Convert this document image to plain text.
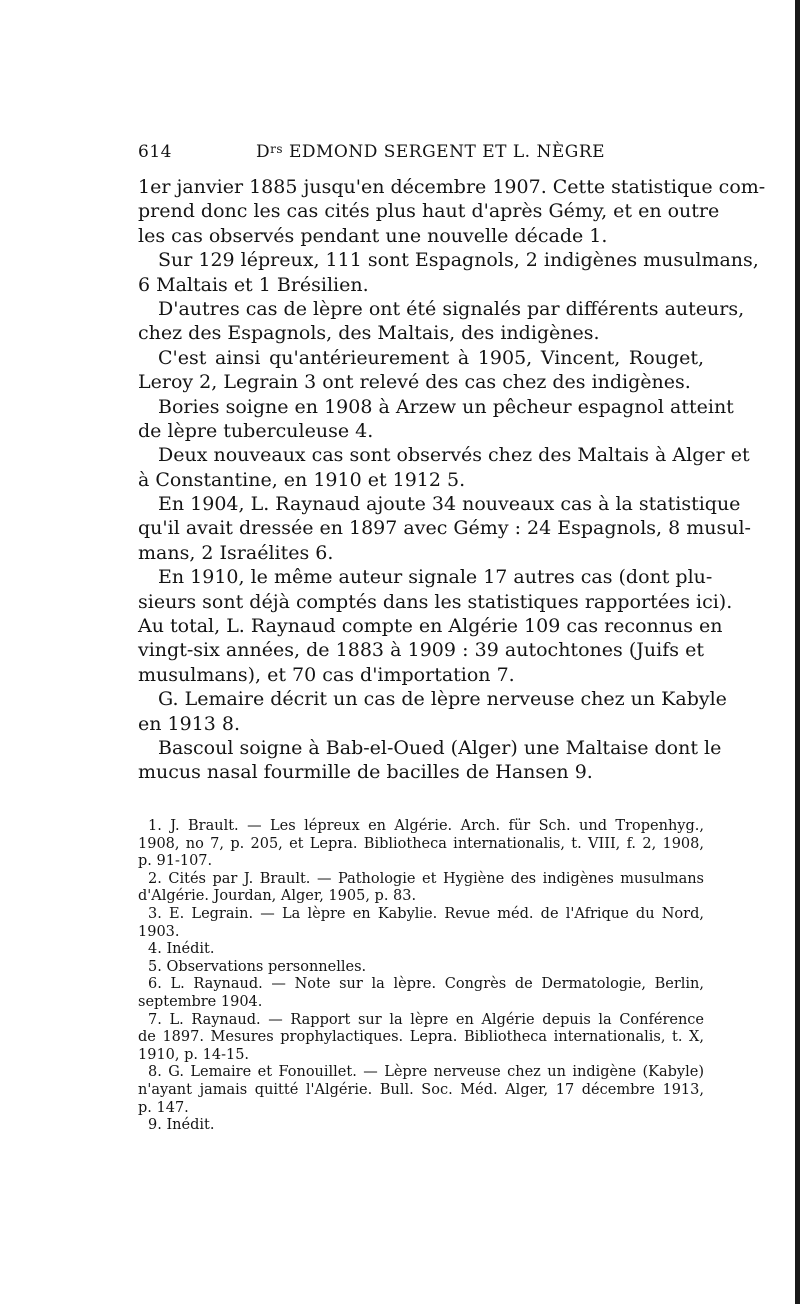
614	$D^{rs}$ EDMOND SERGENT ET L. NÈGRE
1er janvier 1885 jusqu'en décembre 1907. Cette statistique com-
prend donc les cas cités plus haut d'après Gémy, et en outre
les cas observés pendant une nouvelle décade 1.
Sur 129 lépreux, 111 sont Espagnols, 2 indigènes musulmans,
6 Maltais et 1 Brésilien.
D'autres cas de lèpre ont été signalés par différents auteurs,
chez des Espagnols, des Maltais, des indigènes.
C'est ainsi qu'antérieurement à 1905, Vincent, Rouget,
Leroy 2, Legrain 3 ont relevé des cas chez des indigènes.
Bories soigne en 1908 à Arzew un pêcheur espagnol atteint
de lèpre tuberculeuse 4.
Deux nouveaux cas sont observés chez des Maltais à Alger et
à Constantine, en 1910 et 1912 5.
En 1904, L. Raynaud ajoute 34 nouveaux cas à la statistique
qu'il avait dressée en 1897 avec Gémy : 24 Espagnols, 8 musul-
mans, 2 Israélites 6.
En 1910, le même auteur signale 17 autres cas (dont plu-
sieurs sont déjà comptés dans les statistiques rapportées ici).
Au total, L. Raynaud compte en Algérie 109 cas reconnus en
vingt-six années, de 1883 à 1909 : 39 autochtones (Juifs et
musulmans), et 70 cas d'importation 7.
G. Lemaire décrit un cas de lèpre nerveuse chez un Kabyle
en 1913 8.
Bascoul soigne à Bab-el-Oued (Alger) une Maltaise dont le
mucus nasal fourmille de bacilles de Hansen 9.
1. J. Brault. — Les lépreux en Algérie. Arch. für Sch. und Tropenhyg.,
1908, no 7, p. 205, et Lepra. Bibliotheca internationalis, t. VIII, f. 2, 1908,
p. 91-107.
2. Cités par J. Brault. — Pathologie et Hygiène des indigènes musulmans
d'Algérie. Jourdan, Alger, 1905, p. 83.
3. E. Legrain. — La lèpre en Kabylie. Revue méd. de l'Afrique du Nord,
1903.
4. Inédit.
5. Observations personnelles.
6. L. Raynaud. — Note sur la lèpre. Congrès de Dermatologie, Berlin,
septembre 1904.
7. L. Raynaud. — Rapport sur la lèpre en Algérie depuis la Conférence
de 1897. Mesures prophylactiques. Lepra. Bibliotheca internationalis, t. X,
1910, p. 14-15.
8. G. Lemaire et Fonouillet. — Lèpre nerveuse chez un indigène (Kabyle)
n'ayant jamais quitté l'Algérie. Bull. Soc. Méd. Alger, 17 décembre 1913,
p. 147.
9. Inédit.
